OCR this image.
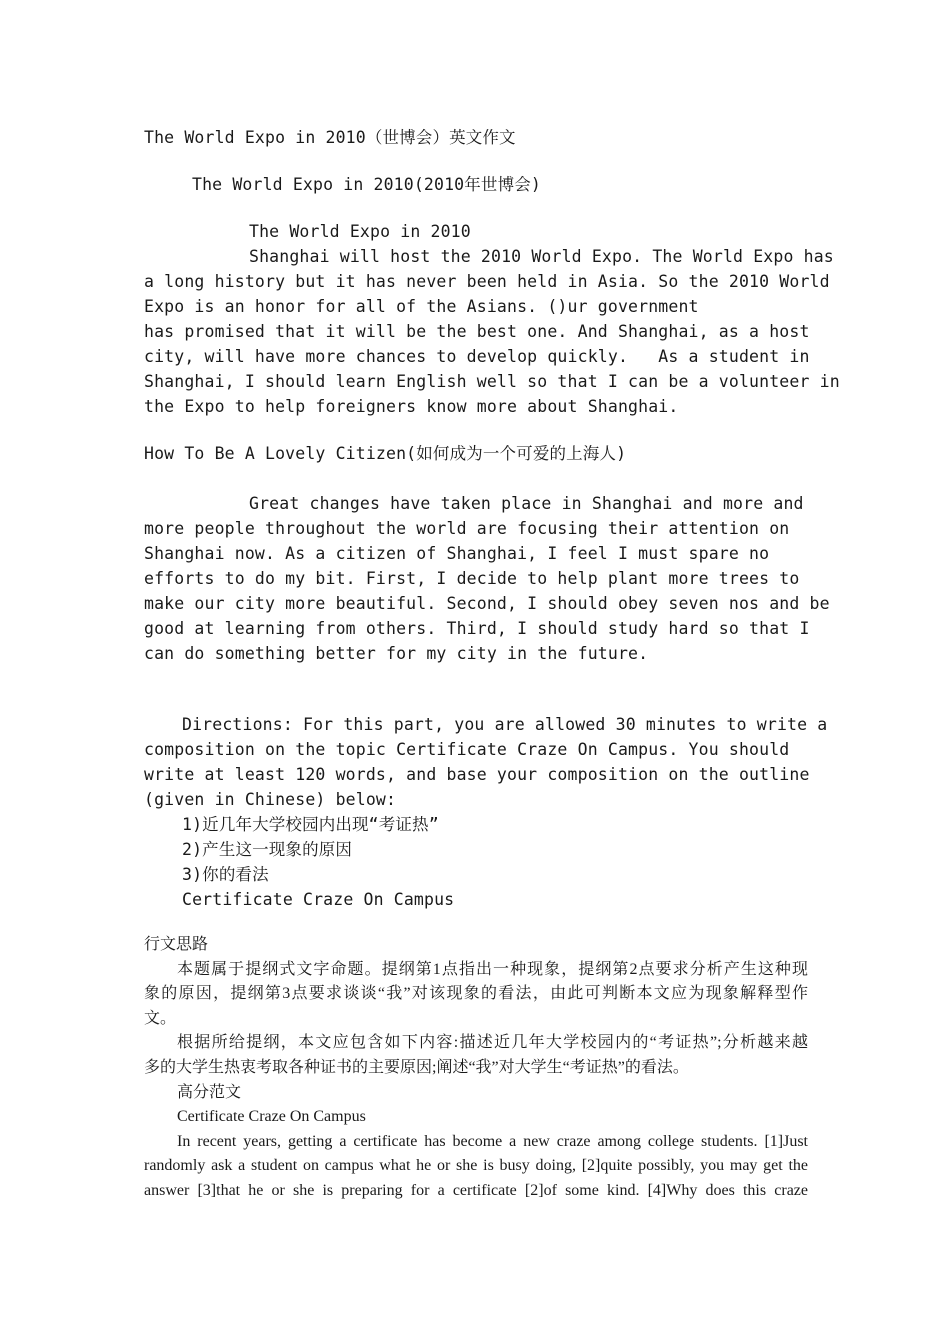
The World Expo in 2010（世博会）英文作文
The World Expo in 2010(2010年世博会)
The World Expo in 2010
Shanghai will host the 2010 World Expo. The World Expo has
a long history but it has never been held in Asia. So the 2010 World
Expo is an honor for all of the Asians. ()ur government
has promised that it will be the best one. And Shanghai, as a host
city, will have more chances to develop quickly.   As a student in
Shanghai, I should learn English well so that I can be a volunteer in
the Expo to help foreigners know more about Shanghai.
How To Be A Lovely Citizen(如何成为一个可爱的上海人)
Great changes have taken place in Shanghai and more and
more people throughout the world are focusing their attention on
Shanghai now. As a citizen of Shanghai, I feel I must spare no
efforts to do my bit. First, I decide to help plant more trees to
make our city more beautiful. Second, I should obey seven nos and be
good at learning from others. Third, I should study hard so that I
can do something better for my city in the future.
Directions: For this part, you are allowed 30 minutes to write a
composition on the topic Certificate Craze On Campus. You should
write at least 120 words, and base your composition on the outline
(given in Chinese) below:
1)近几年大学校园内出现“考证热”
2)产生这一现象的原因
3)你的看法
Certificate Craze On Campus
行文思路
本题属于提纲式文字命题。提纲第1点指出一种现象，提纲第2点要求分析产生这种现
象的原因，提纲第3点要求谈谈“我”对该现象的看法，由此可判断本文应为现象解释型作
文。
根据所给提纲，本文应包含如下内容:描述近几年大学校园内的“考证热”;分析越来越
多的大学生热衷考取各种证书的主要原因;阐述“我”对大学生“考证热”的看法。
高分范文
Certificate Craze On Campus
In recent years, getting a certificate has become a new craze among college students. [1]Just
randomly ask a student on campus what he or she is busy doing, [2]quite possibly, you may get the
answer [3]that he or she is preparing for a certificate [2]of some kind. [4]Why does this craze
